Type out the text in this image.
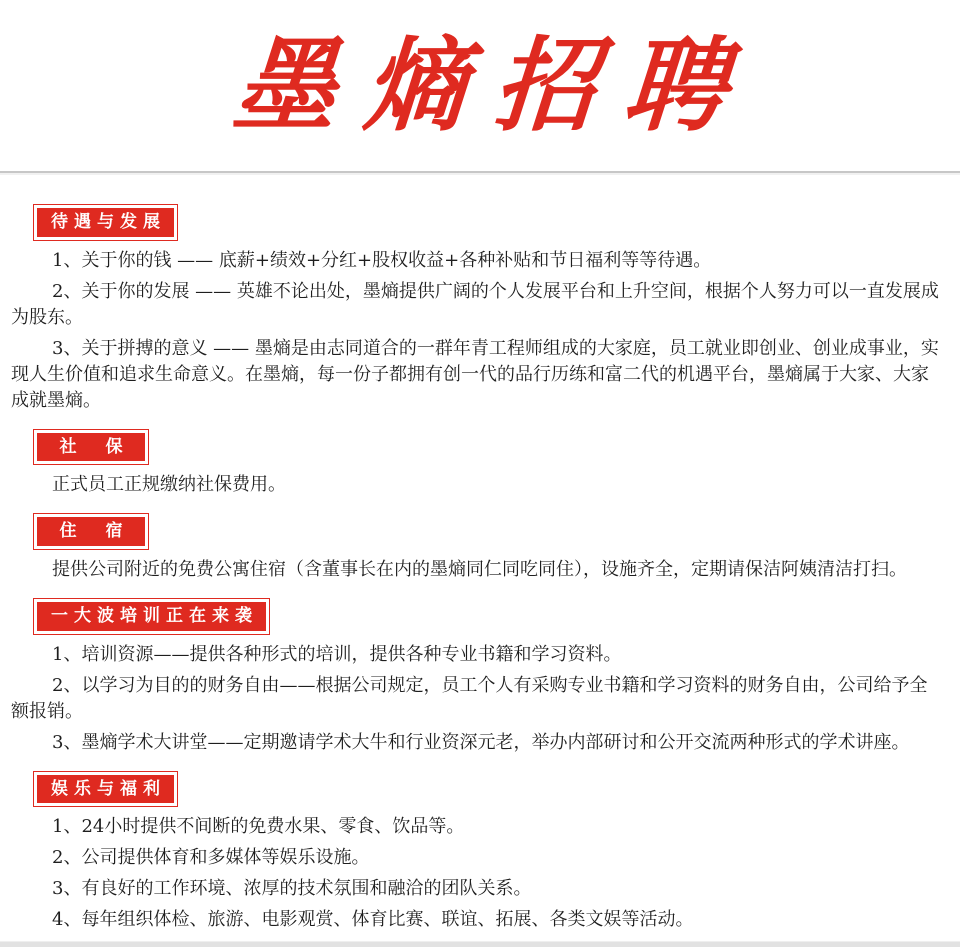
墨熵招聘
待遇与发展

1、关于你的钱 —— 底薪+绩效+分红+股权收益+各种补贴和节日福利等等待遇。

2、关于你的发展 —— 英雄不论出处，墨熵提供广阔的个人发展平台和上升空间，根据个人努力可以一直发展成为股东。

3、关于拼搏的意义 —— 墨熵是由志同道合的一群年青工程师组成的大家庭，员工就业即创业、创业成事业，实现人生价值和追求生命意义。在墨熵，每一份子都拥有创一代的品行历练和富二代的机遇平台，墨熵属于大家、大家成就墨熵。

社　保

正式员工正规缴纳社保费用。

住　宿

提供公司附近的免费公寓住宿（含董事长在内的墨熵同仁同吃同住），设施齐全，定期请保洁阿姨清洁打扫。

一大波培训正在来袭

1、培训资源——提供各种形式的培训，提供各种专业书籍和学习资料。

2、以学习为目的的财务自由——根据公司规定，员工个人有采购专业书籍和学习资料的财务自由，公司给予全额报销。

3、墨熵学术大讲堂——定期邀请学术大牛和行业资深元老，举办内部研讨和公开交流两种形式的学术讲座。

娱乐与福利

1、24小时提供不间断的免费水果、零食、饮品等。

2、公司提供体育和多媒体等娱乐设施。

3、有良好的工作环境、浓厚的技术氛围和融洽的团队关系。

4、每年组织体检、旅游、电影观赏、体育比赛、联谊、拓展、各类文娱等活动。
